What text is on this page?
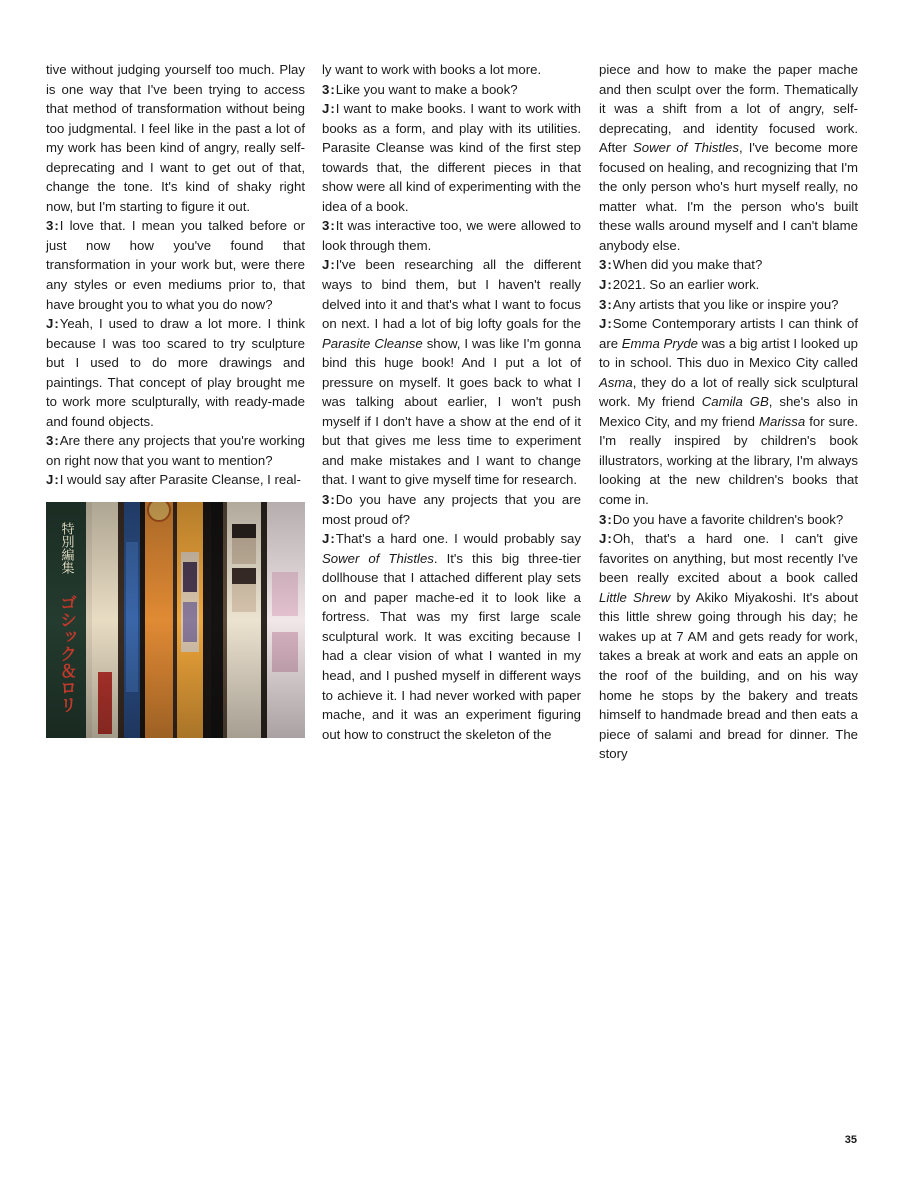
tive without judging yourself too much. Play is one way that I've been trying to access that method of transformation without being too judgmental. I feel like in the past a lot of my work has been kind of angry, really self-deprecating and I want to get out of that, change the tone. It's kind of shaky right now, but I'm starting to figure it out.

3:I love that. I mean you talked before or just now how you've found that transformation in your work but, were there any styles or even mediums prior to, that have brought you to what you do now?

J:Yeah, I used to draw a lot more. I think because I was too scared to try sculpture but I used to do more drawings and paintings. That concept of play brought me to work more sculpturally, with ready-made and found objects.

3:Are there any projects that you're working on right now that you want to mention?

J:I would say after Parasite Cleanse, I real-

ly want to work with books a lot more.

3:Like you want to make a book?

J:I want to make books. I want to work with books as a form, and play with its utilities. Parasite Cleanse was kind of the first step towards that, the different pieces in that show were all kind of experimenting with the idea of a book.

3:It was interactive too, we were allowed to look through them.

J:I've been researching all the different ways to bind them, but I haven't really delved into it and that's what I want to focus on next. I had a lot of big lofty goals for the Parasite Cleanse show, I was like I'm gonna bind this huge book! And I put a lot of pressure on myself. It goes back to what I was talking about earlier, I won't push myself if I don't have a show at the end of it but that gives me less time to experiment and make mistakes and I want to change that. I want to give myself time for research.

3:Do you have any projects that you are most proud of?

J:That's a hard one. I would probably say Sower of Thistles. It's this big three-tier dollhouse that I attached different play sets on and paper mache-ed it to look like a fortress. That was my first large scale sculptural work. It was exciting because I had a clear vision of what I wanted in my head, and I pushed myself in different ways to achieve it. I had never worked with paper mache, and it was an experiment figuring out how to construct the skeleton of the

piece and how to make the paper mache and then sculpt over the form. Thematically it was a shift from a lot of angry, self-deprecating, and identity focused work. After Sower of Thistles, I've become more focused on healing, and recognizing that I'm the only person who's hurt myself really, no matter what. I'm the person who's built these walls around myself and I can't blame anybody else.

3:When did you make that?

J:2021. So an earlier work.

3:Any artists that you like or inspire you?

J:Some Contemporary artists I can think of are Emma Pryde was a big artist I looked up to in school. This duo in Mexico City called Asma, they do a lot of really sick sculptural work. My friend Camila GB, she's also in Mexico City, and my friend Marissa for sure. I'm really inspired by children's book illustrators, working at the library, I'm always looking at the new children's books that come in.

3:Do you have a favorite children's book?

J:Oh, that's a hard one. I can't give favorites on anything, but most recently I've been really excited about a book called Little Shrew by Akiko Miyakoshi. It's about this little shrew going through his day; he wakes up at 7 AM and gets ready for work, takes a break at work and eats an apple on the roof of the building, and on his way home he stops by the bakery and treats himself to handmade bread and then eats a piece of salami and bread for dinner. The story

特別編集
ゴシック＆ロリ
35
